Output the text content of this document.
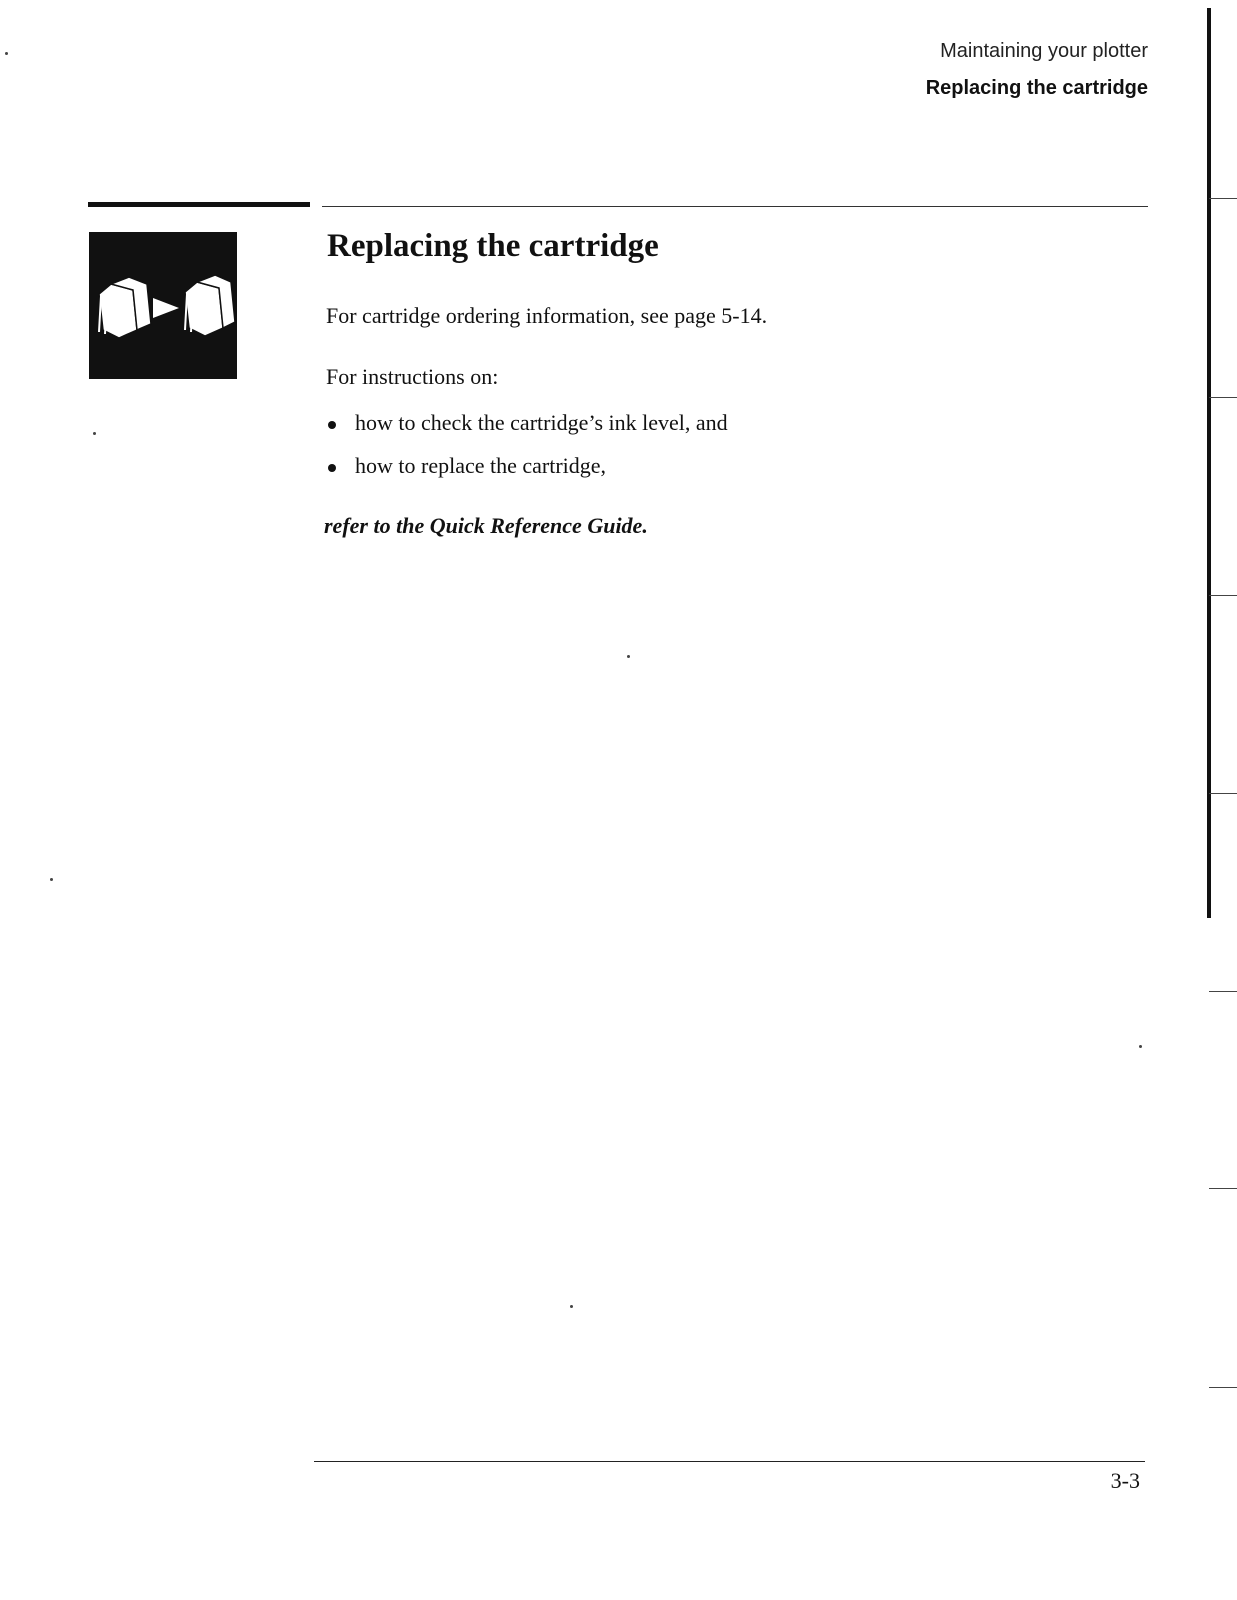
Maintaining your plotter
Replacing the cartridge
Replacing the cartridge

For cartridge ordering information, see page 5-14.

For instructions on:

how to check the cartridge’s ink level, and
how to replace the cartridge,

refer to the Quick Reference Guide.

3-3
